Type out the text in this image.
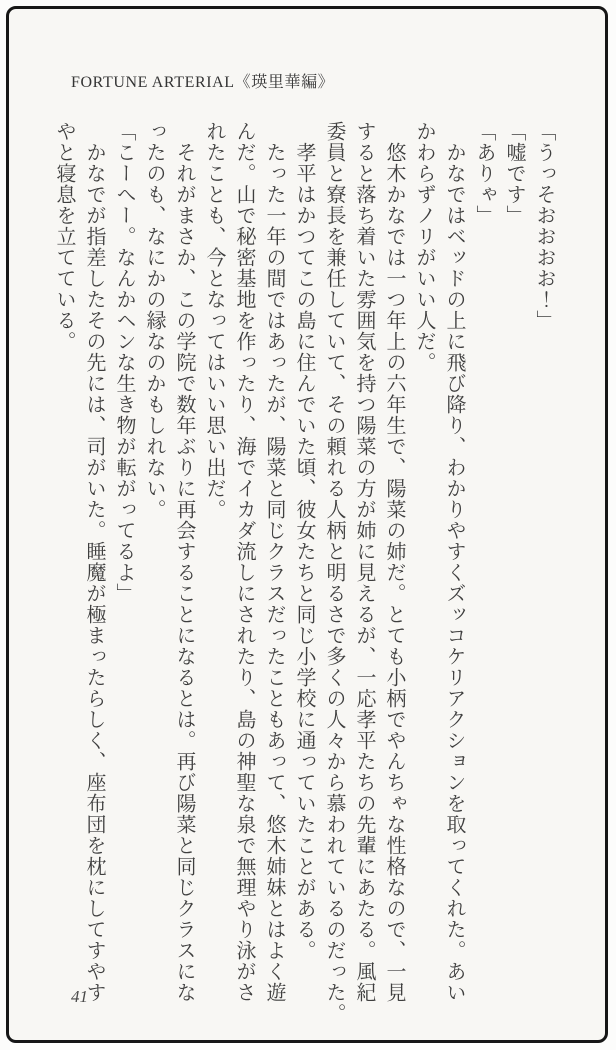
FORTUNE ARTERIAL《瑛里華編》

「うっそおおおお！」

「嘘です」

「ありゃ」

　かなではベッドの上に飛び降り、わかりやすくズッコケリアクションを取ってくれた。あい

かわらずノリがいい人だ。

　悠木かなでは一つ年上の六年生で、陽菜の姉だ。とても小柄でやんちゃな性格なので、一見

すると落ち着いた雰囲気を持つ陽菜の方が姉に見えるが、一応孝平たちの先輩にあたる。風紀

委員と寮長を兼任していて、その頼れる人柄と明るさで多くの人々から慕われているのだった。

　孝平はかつてこの島に住んでいた頃、彼女たちと同じ小学校に通っていたことがある。

　たった一年の間ではあったが、陽菜と同じクラスだったこともあって、悠木姉妹とはよく遊

んだ。山で秘密基地を作ったり、海でイカダ流しにされたり、島の神聖な泉で無理やり泳がさ

れたことも、今となってはいい思い出だ。

　それがまさか、この学院で数年ぶりに再会することになるとは。再び陽菜と同じクラスにな

ったのも、なにかの縁なのかもしれない。

「こーへー。なんかヘンな生き物が転がってるよ」

　かなでが指差したその先には、司がいた。睡魔が極まったらしく、座布団を枕にしてすやす

やと寝息を立てている。

41
